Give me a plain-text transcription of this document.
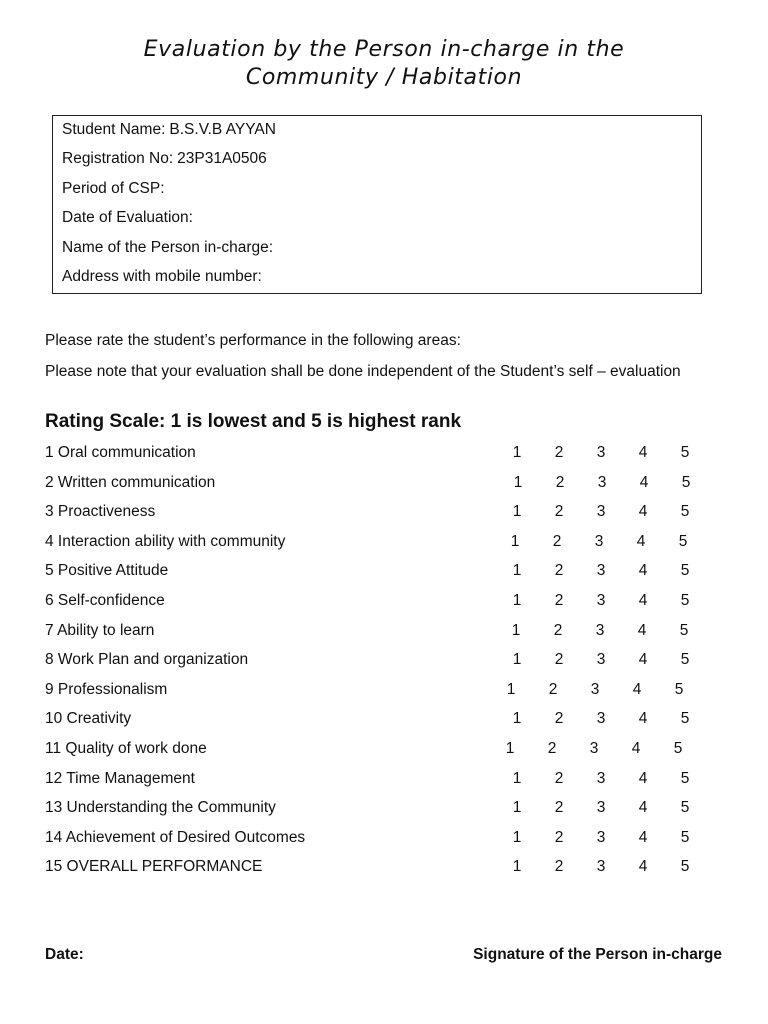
Evaluation by the Person in-charge in the
Community / Habitation
Student Name: B.S.V.B AYYAN
Registration No: 23P31A0506
Period of CSP:
Date of Evaluation:
Name of the Person in-charge:
Address with mobile number:
Please rate the student’s performance in the following areas:
Please note that your evaluation shall be done independent of the Student’s self – evaluation
Rating Scale: 1 is lowest and 5 is highest rank
1 Oral communication	1 2 3 4 5
2 Written communication	1 2 3 4 5
3 Proactiveness	1 2 3 4 5
4 Interaction ability with community	1 2 3 4 5
5 Positive Attitude	1 2 3 4 5
6 Self-confidence	1 2 3 4 5
7 Ability to learn	1 2 3 4 5
8 Work Plan and organization	1 2 3 4 5
9 Professionalism	1 2 3 4 5
10 Creativity	1 2 3 4 5
11 Quality of work done	1 2 3 4 5
12 Time Management	1 2 3 4 5
13 Understanding the Community	1 2 3 4 5
14 Achievement of Desired Outcomes	1 2 3 4 5
15 OVERALL PERFORMANCE	1 2 3 4 5
Date:	Signature of the Person in-charge
